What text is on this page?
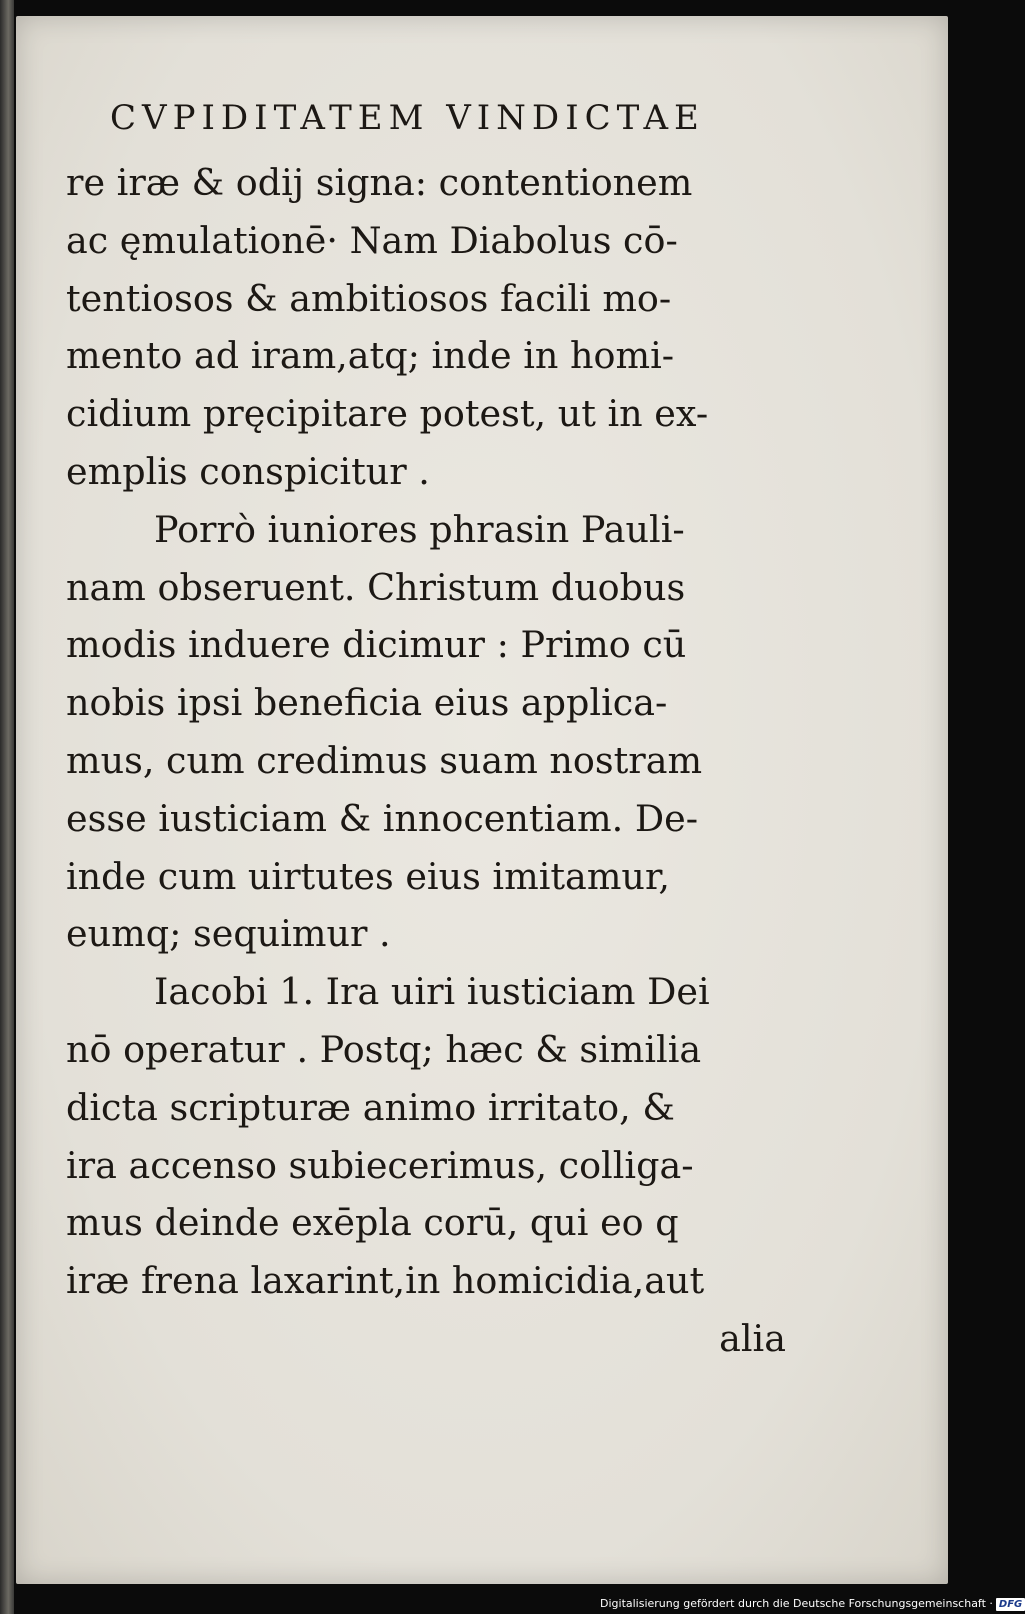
CVPIDITATEM VINDICTAE
re iræ & odij signa: contentionem
ac ęmulationē· Nam Diabolus cō-
tentiosos & ambitiosos facili mo-
mento ad iram,atq; inde in homi-
cidium pręcipitare potest, ut in ex-
emplis conspicitur .
Porrò iuniores phrasin Pauli-
nam obseruent. Christum duobus
modis induere dicimur : Primo cū
nobis ipsi beneficia eius applica-
mus, cum credimus suam nostram
esse iusticiam & innocentiam. De-
inde cum uirtutes eius imitamur,
eumq; sequimur .
Iacobi 1. Ira uiri iusticiam Dei
nō operatur . Postq; hæc & similia
dicta scripturæ animo irritato, &
ira accenso subiecerimus, colliga-
mus deinde exēpla corū, qui eo q
iræ frena laxarint,in homicidia,aut
alia
Digitalisierung gefördert durch die Deutsche Forschungsgemeinschaft · DFG
